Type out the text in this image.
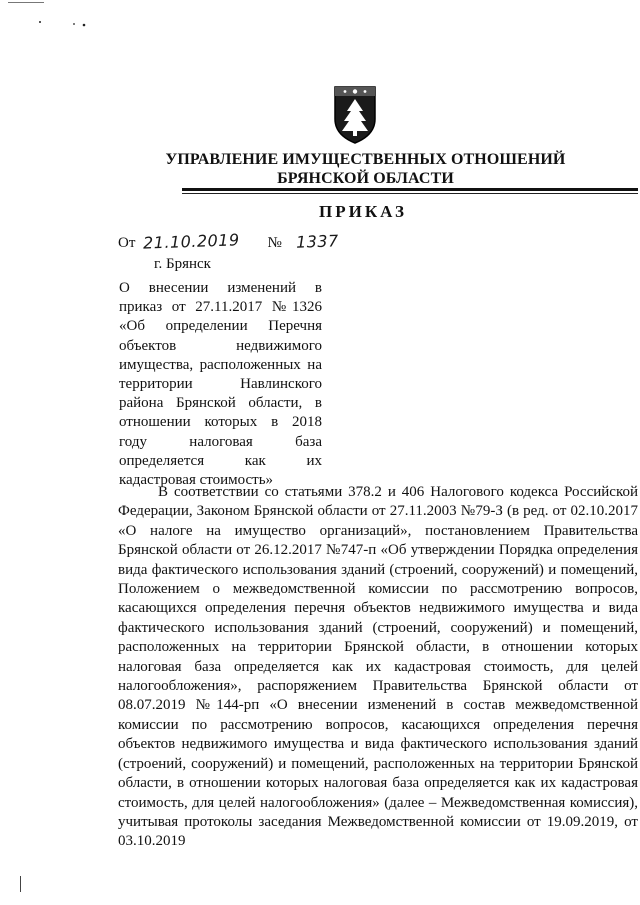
УПРАВЛЕНИЕ ИМУЩЕСТВЕННЫХ ОТНОШЕНИЙ
БРЯНСКОЙ ОБЛАСТИ
ПРИКАЗ
От 21.10.2019 № 1337
г. Брянск
О внесении изменений в приказ от 27.11.2017 №1326 «Об определении Перечня объектов недвижимого имущества, расположенных на территории Навлинского района Брянской области, в отношении которых в 2018 году налоговая база определяется как их кадастровая стоимость»
В соответствии со статьями 378.2 и 406 Налогового кодекса Российской Федерации, Законом Брянской области от 27.11.2003 №79-З (в ред. от 02.10.2017 «О налоге на имущество организаций», постановлением Правительства Брянской области от 26.12.2017 №747-п «Об утверждении Порядка определения вида фактического использования зданий (строений, сооружений) и помещений, Положением о межведомственной комиссии по рассмотрению вопросов, касающихся определения перечня объектов недвижимого имущества и вида фактического использования зданий (строений, сооружений) и помещений, расположенных на территории Брянской области, в отношении которых налоговая база определяется как их кадастровая стоимость, для целей налогообложения», распоряжением Правительства Брянской области от 08.07.2019 №144-рп «О внесении изменений в состав межведомственной комиссии по рассмотрению вопросов, касающихся определения перечня объектов недвижимого имущества и вида фактического использования зданий (строений, сооружений) и помещений, расположенных на территории Брянской области, в отношении которых налоговая база определяется как их кадастровая стоимость, для целей налогообложения» (далее – Межведомственная комиссия), учитывая протоколы заседания Межведомственной комиссии от 19.09.2019, от 03.10.2019
